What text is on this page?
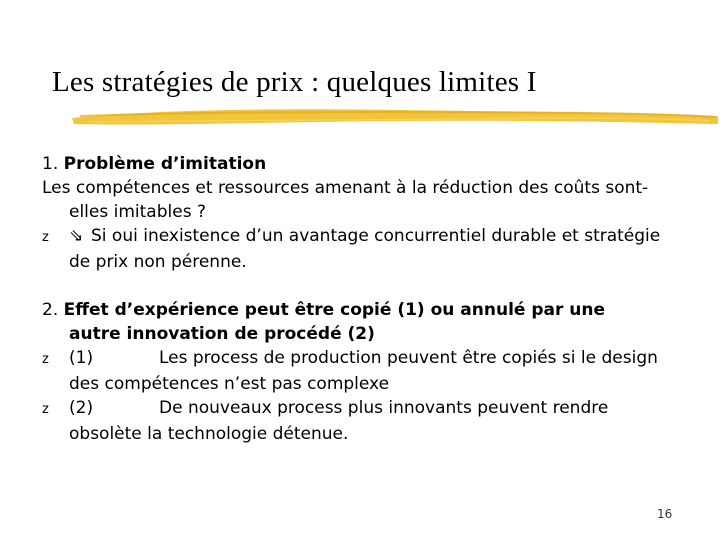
Les stratégies de prix : quelques limites I
1. Problème d’imitation
Les compétences et ressources amenant à la réduction des coûts sont-
elles imitables ?
z ⇘ Si oui inexistence d’un avantage concurrentiel durable et stratégie
de prix non pérenne.
2. Effet d’expérience peut être copié (1) ou annulé par une
autre innovation de procédé (2)
z (1)	Les process de production peuvent être copiés si le design
des compétences n’est pas complexe
z (2)	De nouveaux process plus innovants peuvent rendre
obsolète la technologie détenue.
16
